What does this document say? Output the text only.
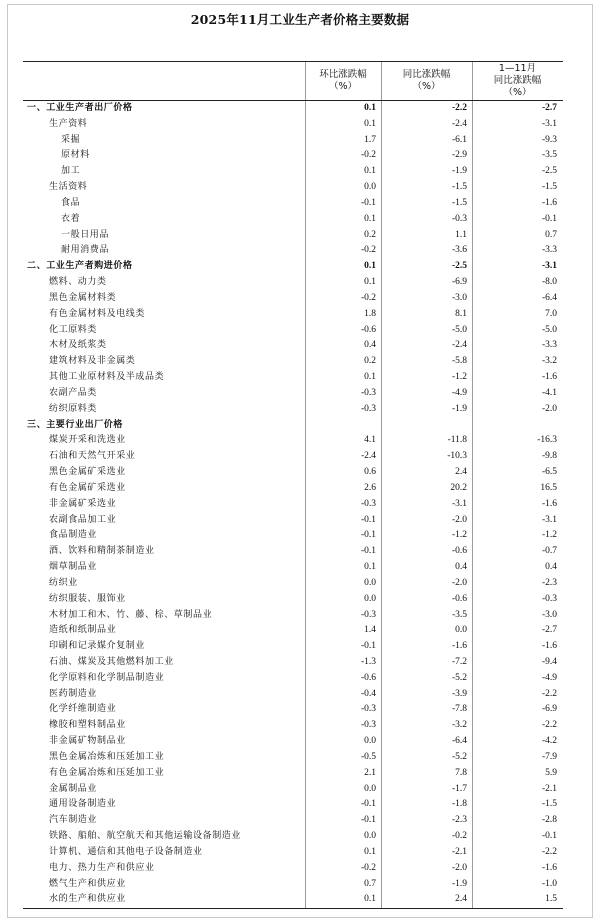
2025年11月工业生产者价格主要数据
环比涨跌幅
（%）
同比涨跌幅
（%）
1—11月
同比涨跌幅
（%）
一、工业生产者出厂价格	0.1	-2.2	-2.7
生产资料	0.1	-2.4	-3.1
采掘	1.7	-6.1	-9.3
原材料	-0.2	-2.9	-3.5
加工	0.1	-1.9	-2.5
生活资料	0.0	-1.5	-1.5
食品	-0.1	-1.5	-1.6
衣着	0.1	-0.3	-0.1
一般日用品	0.2	1.1	0.7
耐用消费品	-0.2	-3.6	-3.3
二、工业生产者购进价格	0.1	-2.5	-3.1
燃料、动力类	0.1	-6.9	-8.0
黑色金属材料类	-0.2	-3.0	-6.4
有色金属材料及电线类	1.8	8.1	7.0
化工原料类	-0.6	-5.0	-5.0
木材及纸浆类	0.4	-2.4	-3.3
建筑材料及非金属类	0.2	-5.8	-3.2
其他工业原材料及半成品类	0.1	-1.2	-1.6
农副产品类	-0.3	-4.9	-4.1
纺织原料类	-0.3	-1.9	-2.0
三、主要行业出厂价格
煤炭开采和洗选业	4.1	-11.8	-16.3
石油和天然气开采业	-2.4	-10.3	-9.8
黑色金属矿采选业	0.6	2.4	-6.5
有色金属矿采选业	2.6	20.2	16.5
非金属矿采选业	-0.3	-3.1	-1.6
农副食品加工业	-0.1	-2.0	-3.1
食品制造业	-0.1	-1.2	-1.2
酒、饮料和精制茶制造业	-0.1	-0.6	-0.7
烟草制品业	0.1	0.4	0.4
纺织业	0.0	-2.0	-2.3
纺织服装、服饰业	0.0	-0.6	-0.3
木材加工和木、竹、藤、棕、草制品业	-0.3	-3.5	-3.0
造纸和纸制品业	1.4	0.0	-2.7
印刷和记录媒介复制业	-0.1	-1.6	-1.6
石油、煤炭及其他燃料加工业	-1.3	-7.2	-9.4
化学原料和化学制品制造业	-0.6	-5.2	-4.9
医药制造业	-0.4	-3.9	-2.2
化学纤维制造业	-0.3	-7.8	-6.9
橡胶和塑料制品业	-0.3	-3.2	-2.2
非金属矿物制品业	0.0	-6.4	-4.2
黑色金属冶炼和压延加工业	-0.5	-5.2	-7.9
有色金属冶炼和压延加工业	2.1	7.8	5.9
金属制品业	0.0	-1.7	-2.1
通用设备制造业	-0.1	-1.8	-1.5
汽车制造业	-0.1	-2.3	-2.8
铁路、船舶、航空航天和其他运输设备制造业	0.0	-0.2	-0.1
计算机、通信和其他电子设备制造业	0.1	-2.1	-2.2
电力、热力生产和供应业	-0.2	-2.0	-1.6
燃气生产和供应业	0.7	-1.9	-1.0
水的生产和供应业	0.1	2.4	1.5
